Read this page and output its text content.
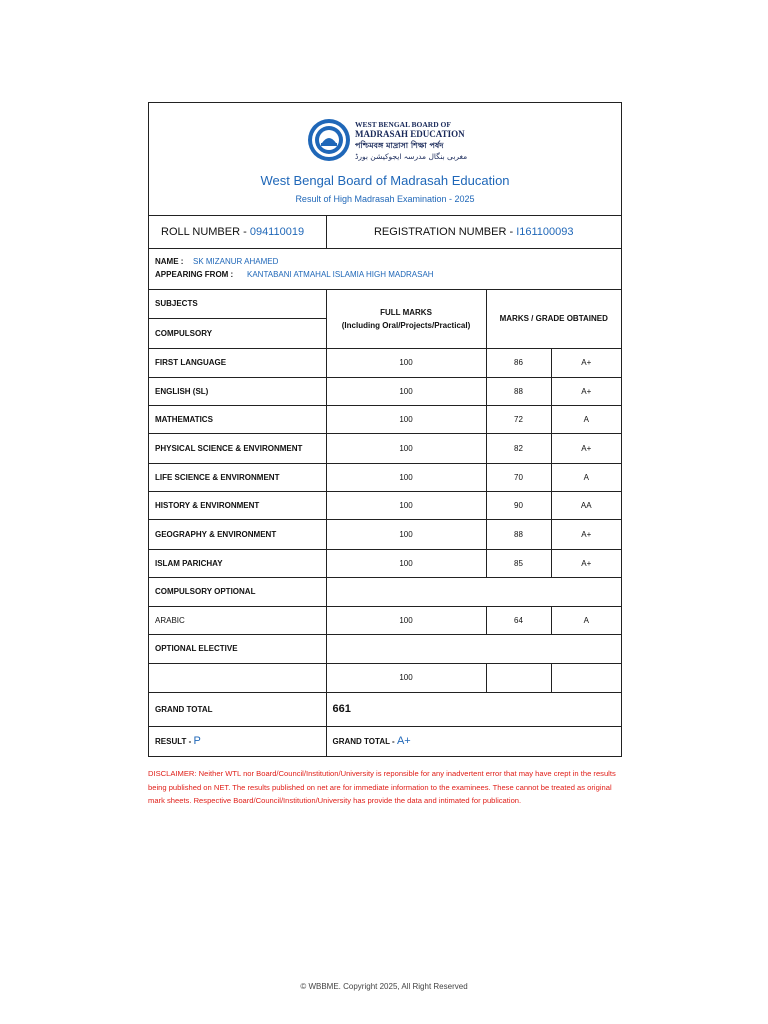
WEST BENGAL BOARD OF
MADRASAH EDUCATION
পশ্চিমবঙ্গ মাদ্রাসা শিক্ষা পর্ষদ
مغربی بنگال مدرسہ ایجوکیشن بورڈ
West Bengal Board of Madrasah Education
Result of High Madrasah Examination - 2025
ROLL NUMBER - 094110019	REGISTRATION NUMBER - I161100093
NAME : SK MIZANUR AHAMED
APPEARING FROM : KANTABANI ATMAHAL ISLAMIA HIGH MADRASAH
SUBJECTS	FULL MARKS
(Including Oral/Projects/Practical)	MARKS / GRADE OBTAINED	
COMPULSORY			
FIRST LANGUAGE	100	86	A+
ENGLISH (SL)	100	88	A+
MATHEMATICS	100	72	A
PHYSICAL SCIENCE & ENVIRONMENT	100	82	A+
LIFE SCIENCE & ENVIRONMENT	100	70	A
HISTORY & ENVIRONMENT	100	90	AA
GEOGRAPHY & ENVIRONMENT	100	88	A+
ISLAM PARICHAY	100	85	A+
COMPULSORY OPTIONAL			
ARABIC	100	64	A
OPTIONAL ELECTIVE			
	100		
GRAND TOTAL	661		
RESULT - P	GRAND TOTAL - A+		
DISCLAIMER: Neither WTL nor Board/Council/Institution/University is reponsible for any inadvertent error that may have crept in the results being published on NET. The results published on net are for immediate information to the examinees. These cannot be treated as original mark sheets. Respective Board/Council/Institution/University has provide the data and intimated for publication.
© WBBME. Copyright 2025, All Right Reserved
